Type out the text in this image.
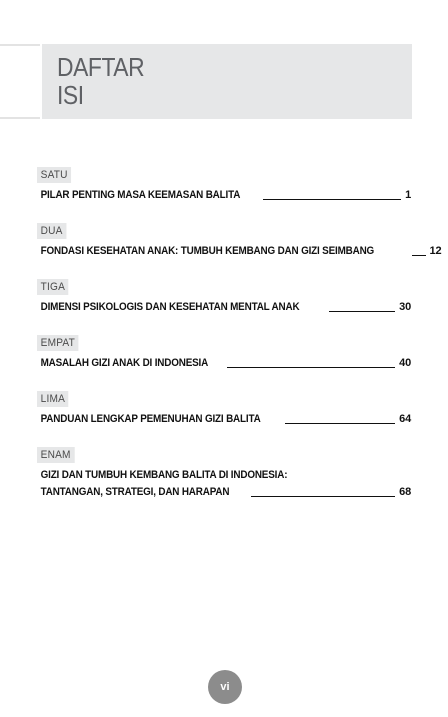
DAFTAR
ISI
SATU
PILAR PENTING MASA KEEMASAN BALITA	1
DUA
FONDASI KESEHATAN ANAK: TUMBUH KEMBANG DAN GIZI SEIMBANG	12
TIGA
DIMENSI PSIKOLOGIS DAN KESEHATAN MENTAL ANAK	30
EMPAT
MASALAH GIZI ANAK DI INDONESIA	40
LIMA
PANDUAN LENGKAP PEMENUHAN GIZI BALITA	64
ENAM
GIZI DAN TUMBUH KEMBANG BALITA DI INDONESIA:
TANTANGAN, STRATEGI, DAN HARAPAN	68
vi
